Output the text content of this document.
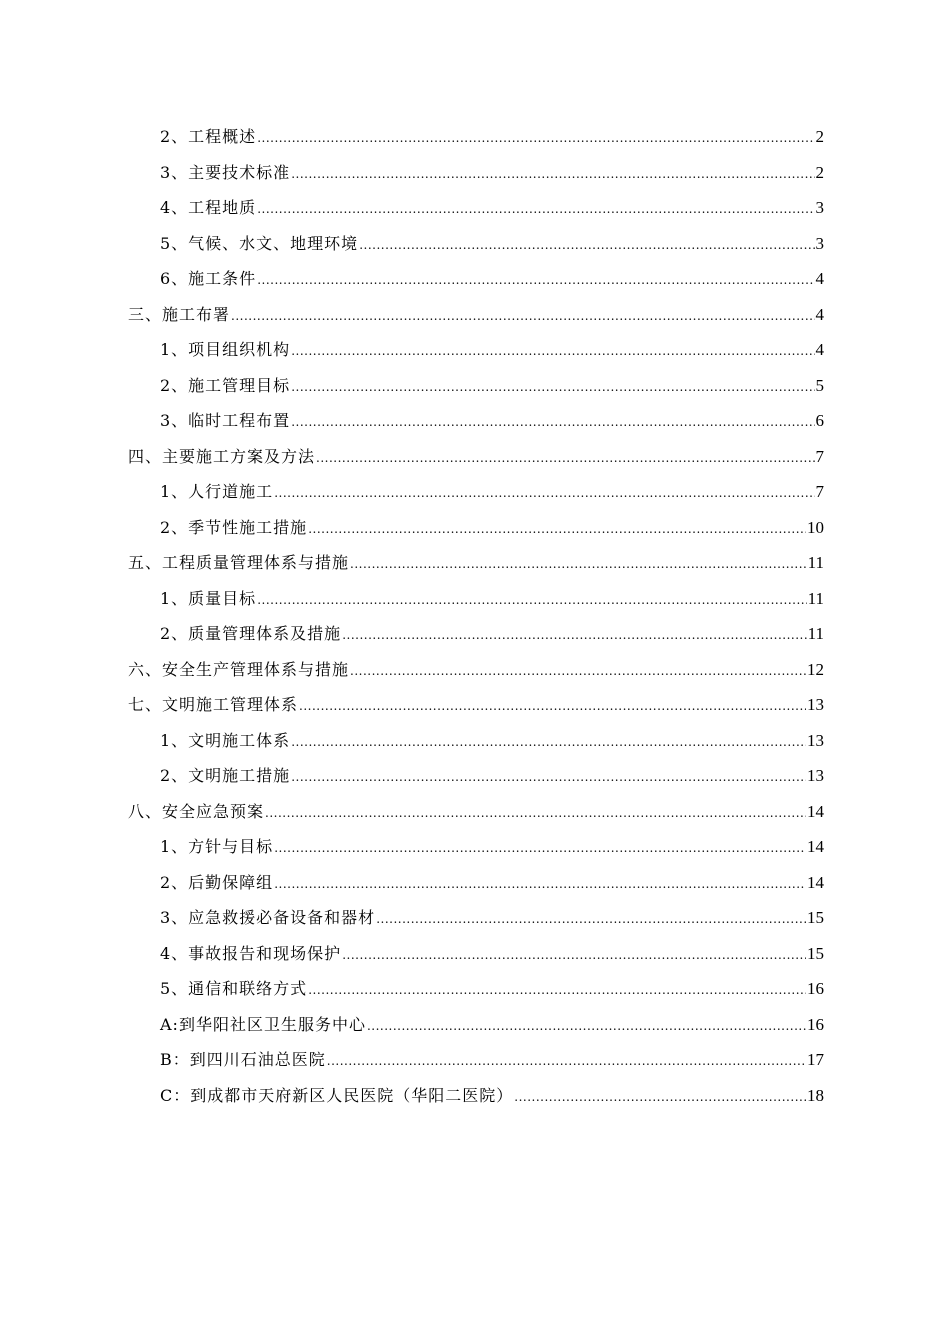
2、工程概述 .....	2
3、主要技术标准 .....	2
4、工程地质 .....	3
5、气候、水文、地理环境 .....	3
6、施工条件 .....	4
三、施工布署 .....	4
1、项目组织机构 .....	4
2、施工管理目标 .....	5
3、临时工程布置 .....	6
四、主要施工方案及方法 .....	7
1、人行道施工 .....	7
2、季节性施工措施 .....	10
五、工程质量管理体系与措施 .....	11
1、质量目标 .....	11
2、质量管理体系及措施 .....	11
六、安全生产管理体系与措施 .....	12
七、文明施工管理体系 .....	13
1、文明施工体系 .....	13
2、文明施工措施 .....	13
八、安全应急预案 .....	14
1、方针与目标 .....	14
2、后勤保障组 .....	14
3、应急救援必备设备和器材 .....	15
4、事故报告和现场保护 .....	15
5、通信和联络方式 .....	16
A:到华阳社区卫生服务中心 .....	16
B：到四川石油总医院 .....	17
C：到成都市天府新区人民医院（华阳二医院） .....	18
